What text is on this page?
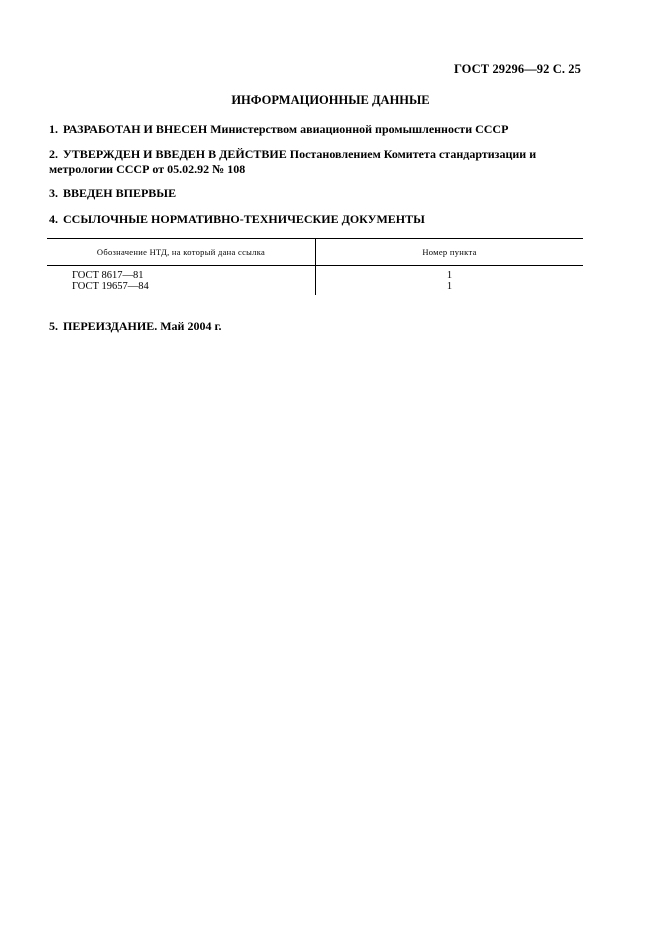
ГОСТ 29296—92 С. 25
ИНФОРМАЦИОННЫЕ ДАННЫЕ
1. РАЗРАБОТАН И ВНЕСЕН Министерством авиационной промышленности СССР
2. УТВЕРЖДЕН И ВВЕДЕН В ДЕЙСТВИЕ Постановлением Комитета стандартизации и метрологии СССР от 05.02.92 № 108
3. ВВЕДЕН ВПЕРВЫЕ
4. ССЫЛОЧНЫЕ НОРМАТИВНО-ТЕХНИЧЕСКИЕ ДОКУМЕНТЫ
Обозначение НТД, на который дана ссылка	Номер пункта
ГОСТ 8617—81
ГОСТ 19657—84
1
1
5. ПЕРЕИЗДАНИЕ. Май 2004 г.
